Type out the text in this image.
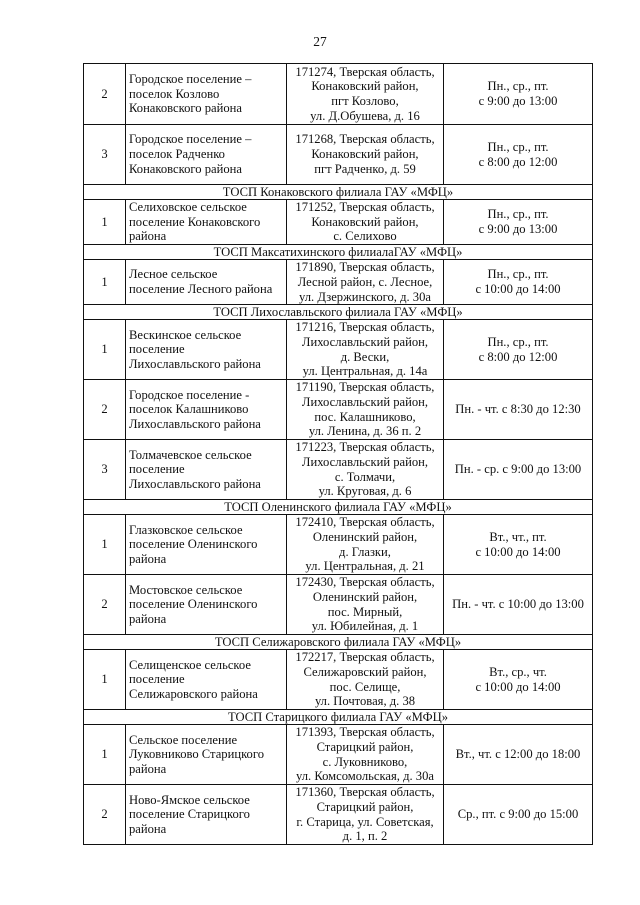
27
2	Городское поселение –
поселок Козлово
Конаковского района	171274, Тверская область,
Конаковский район,
пгт Козлово,
ул. Д.Обушева, д. 16	Пн., ср., пт.
с 9:00 до 13:00

3	Городское поселение –
поселок Радченко
Конаковского района	171268, Тверская область,
Конаковский район,
пгт Радченко, д. 59	Пн., ср., пт.
с 8:00 до 12:00

ТОСП Конаковского филиала ГАУ «МФЦ»			
1	Селиховское сельское
поселение Конаковского
района	171252, Тверская область,
Конаковский район,
с. Селихово	Пн., ср., пт.
с 9:00 до 13:00

ТОСП Максатихинского филиалаГАУ «МФЦ»			
1	Лесное сельское
поселение Лесного района	171890, Тверская область,
Лесной район, с. Лесное,
ул. Дзержинского, д. 30а	Пн., ср., пт.
с 10:00 до 14:00

ТОСП Лихославльского филиала ГАУ «МФЦ»			
1	Вескинское сельское
поселение
Лихославльского района	171216, Тверская область,
Лихославльский район,
д. Вески,
ул. Центральная, д. 14а	Пн., ср., пт.
с 8:00 до 12:00

2	Городское поселение -
поселок Калашниково
Лихославльского района	171190, Тверская область,
Лихославльский район,
пос. Калашниково,
ул. Ленина, д. 36 п. 2	Пн. - чт. с 8:30 до 12:30

3	Толмачевское сельское
поселение
Лихославльского района	171223, Тверская область,
Лихославльский район,
с. Толмачи,
ул. Круговая, д. 6	Пн. - ср. с 9:00 до 13:00

ТОСП Оленинского филиала ГАУ «МФЦ»			
1	Глазковское сельское
поселение Оленинского
района	172410, Тверская область,
Оленинский район,
д. Глазки,
ул. Центральная, д. 21	Вт., чт., пт.
с 10:00 до 14:00

2	Мостовское сельское
поселение Оленинского
района	172430, Тверская область,
Оленинский район,
пос. Мирный,
ул. Юбилейная, д. 1	Пн. - чт. с 10:00 до 13:00

ТОСП Селижаровского филиала ГАУ «МФЦ»			
1	Селищенское сельское
поселение
Селижаровского района	172217, Тверская область,
Селижаровский район,
пос. Селище,
ул. Почтовая, д. 38	Вт., ср., чт.
с 10:00 до 14:00

ТОСП Старицкого филиала ГАУ «МФЦ»			
1	Сельское поселение
Луковниково Старицкого
района	171393, Тверская область,
Старицкий район,
с. Луковниково,
ул. Комсомольская, д. 30а	Вт., чт. с 12:00 до 18:00

2	Ново-Ямское сельское
поселение Старицкого
района	171360, Тверская область,
Старицкий район,
г. Старица, ул. Советская,
д. 1, п. 2	Ср., пт. с 9:00 до 15:00
